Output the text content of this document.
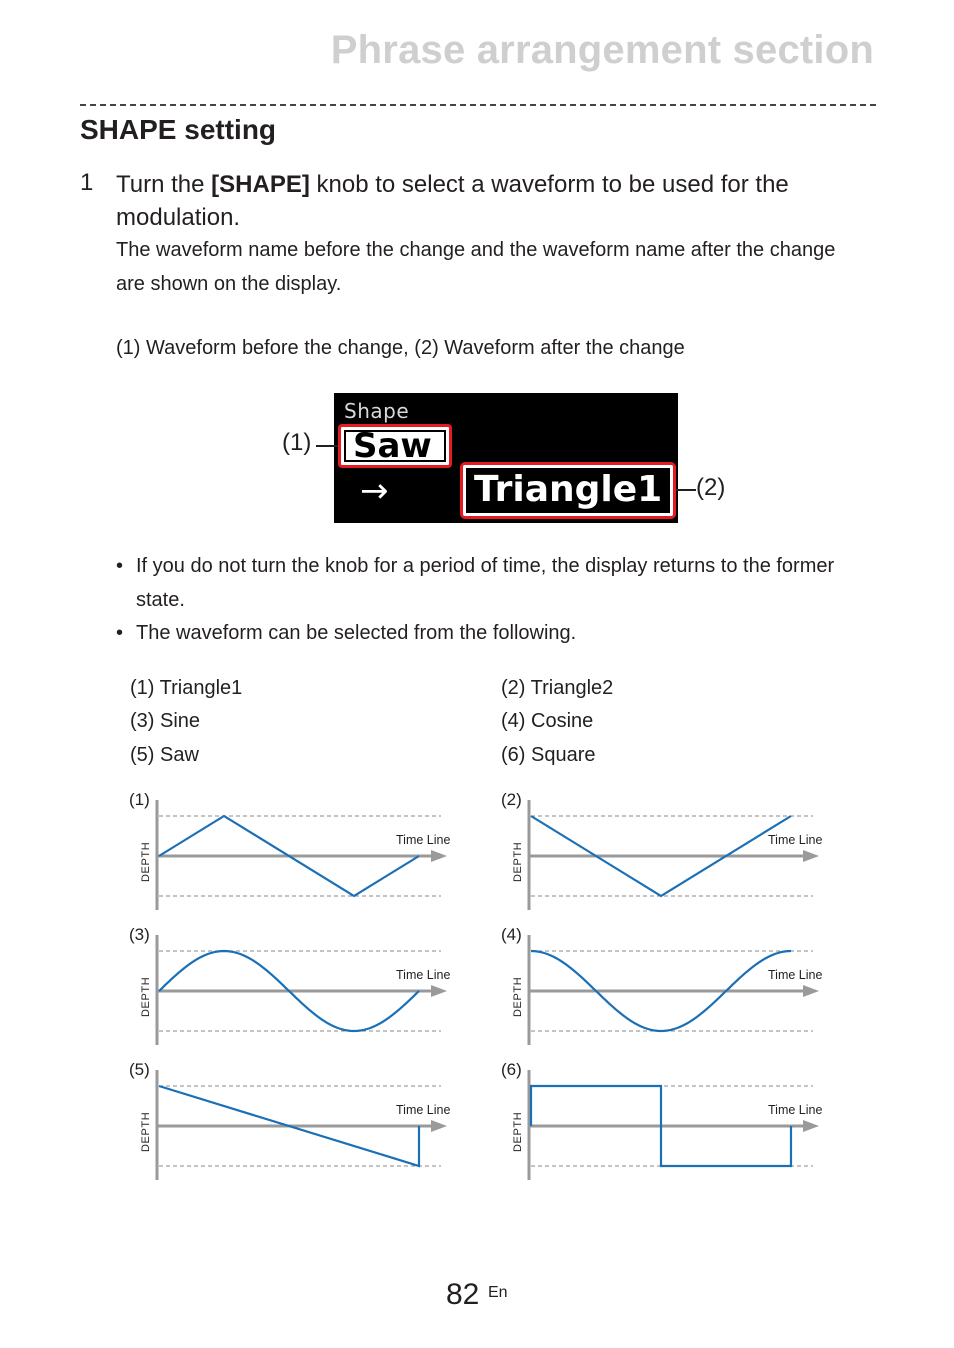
Phrase arrangement section
SHAPE setting
1 Turn the [SHAPE] knob to select a waveform to be used for the modulation.
The waveform name before the change and the waveform name after the change are shown on the display.
(1) Waveform before the change, (2) Waveform after the change
Shape
Saw
→ Triangle1
(1)
(2)
• If you do not turn the knob for a period of time, the display returns to the former state.
• The waveform can be selected from the following.
(1) Triangle1	(2) Triangle2
(3) Sine	(4) Cosine
(5) Saw	(6) Square
(1)
DEPTH
Time Line
(2)
DEPTH
Time Line
(3)
DEPTH
Time Line
(4)
DEPTH
Time Line
(5)
DEPTH
Time Line
(6)
DEPTH
Time Line
82 En
